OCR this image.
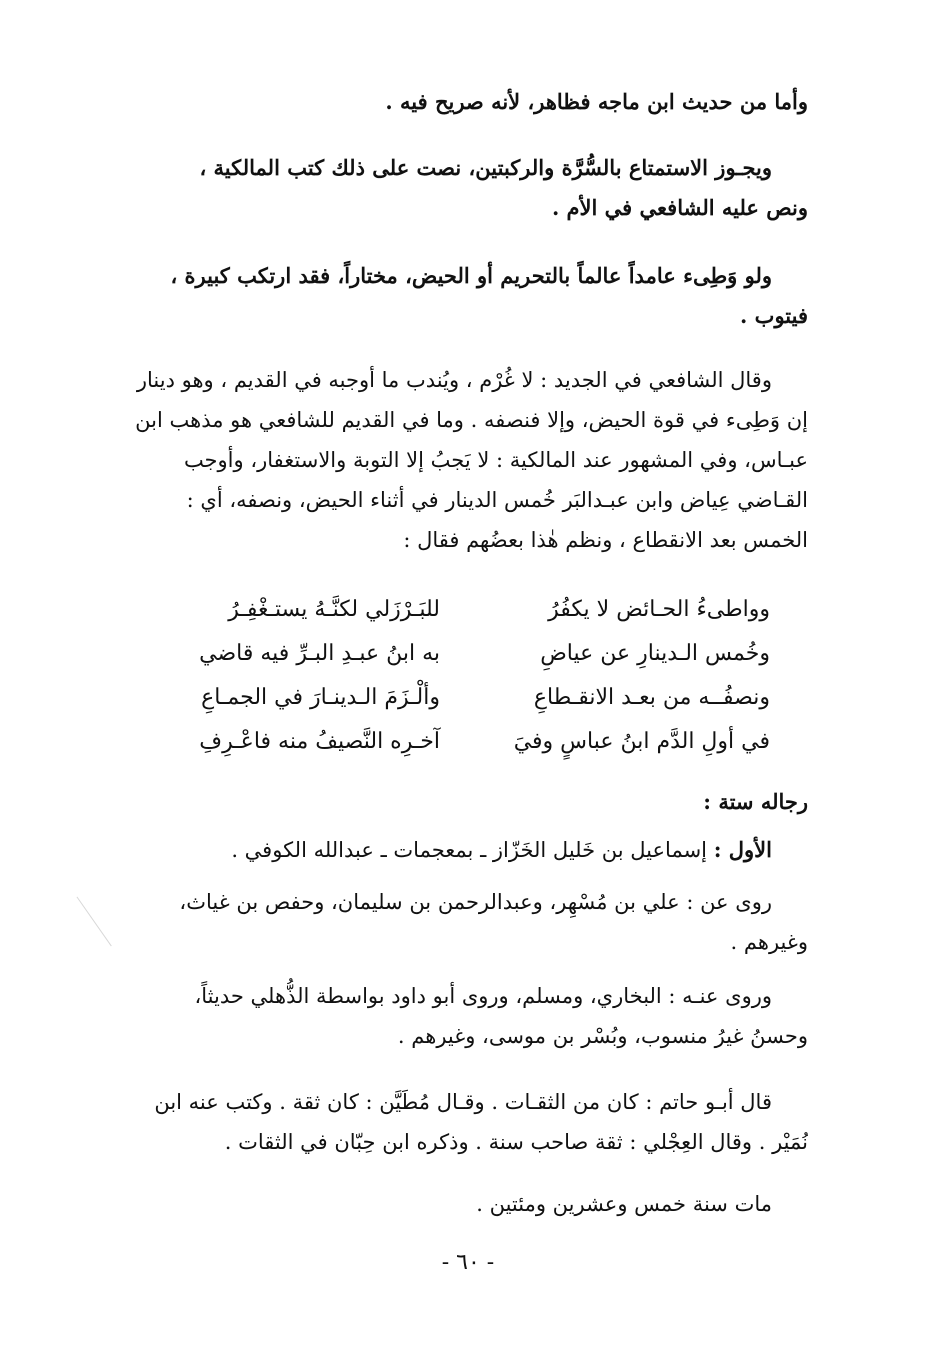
وأما من حديث ابن ماجه فظاهر، لأنه صريح فيه .
ويجـوز الاستمتاع بالسُّرَّة والركبتين، نصت على ذلك كتب المالكية ،
ونص عليه الشافعي في الأم .
ولو وَطِىء عامداً عالماً بالتحريم أو الحيض، مختاراً، فقد ارتكب كبيرة ،
فيتوب .
وقال الشافعي في الجديد : لا غُرْم ، ويُندب ما أوجبه في القديم ، وهو دينار
إن وَطِىء في قوة الحيض، وإلا فنصفه . وما في القديم للشافعي هو مذهب ابن
عبـاس، وفي المشهور عند المالكية : لا يَجبُ إلا التوبة والاستغفار، وأوجب
القـاضي عِياض وابن عبـدالبَر خُمس الدينار في أثناء الحيض، ونصفه، أي :
الخمس بعد الانقطاع ، ونظم هٰذا بعضُهم فقال :
وواطىءُ الحـائض لا يكفُرُ
للبَـرْزَلي لكنَّـهُ يستـغْفِـرُ
وخُمس الـدينارِ عن عياضِ
به ابنُ عبـدِ البـرِّ فيه قاضي
ونصفُــه من بعـد الانقـطاعِ
وألْـزَمَ الـدينـارَ في الجمـاعِ
في أولِ الدَّم ابنُ عباسٍ وفيَ
آخـرِه النَّصيفُ منه فاعْـرِفِ
رجاله ستة :
الأول : إسماعيل بن خَليل الخَزّاز ـ بمعجمات ـ عبدالله الكوفي .
روى عن : علي بن مُسْهِر، وعبدالرحمن بن سليمان، وحفص بن غياث،
وغيرهم .
وروى عنـه : البخاري، ومسلم، وروى أبو داود بواسطة الذُّهلي حديثاً،
وحسنُ غيرُ منسوب، وبُسْر بن موسى، وغيرهم .
قال أبـو حاتم : كان من الثقـات . وقـال مُطَيَّن : كان ثقة . وكتب عنه ابن
نُمَيْر . وقال العِجْلي : ثقة صاحب سنة . وذكره ابن حِبّان في الثقات .
مات سنة خمس وعشرين ومئتين .
- ٦٠ -
